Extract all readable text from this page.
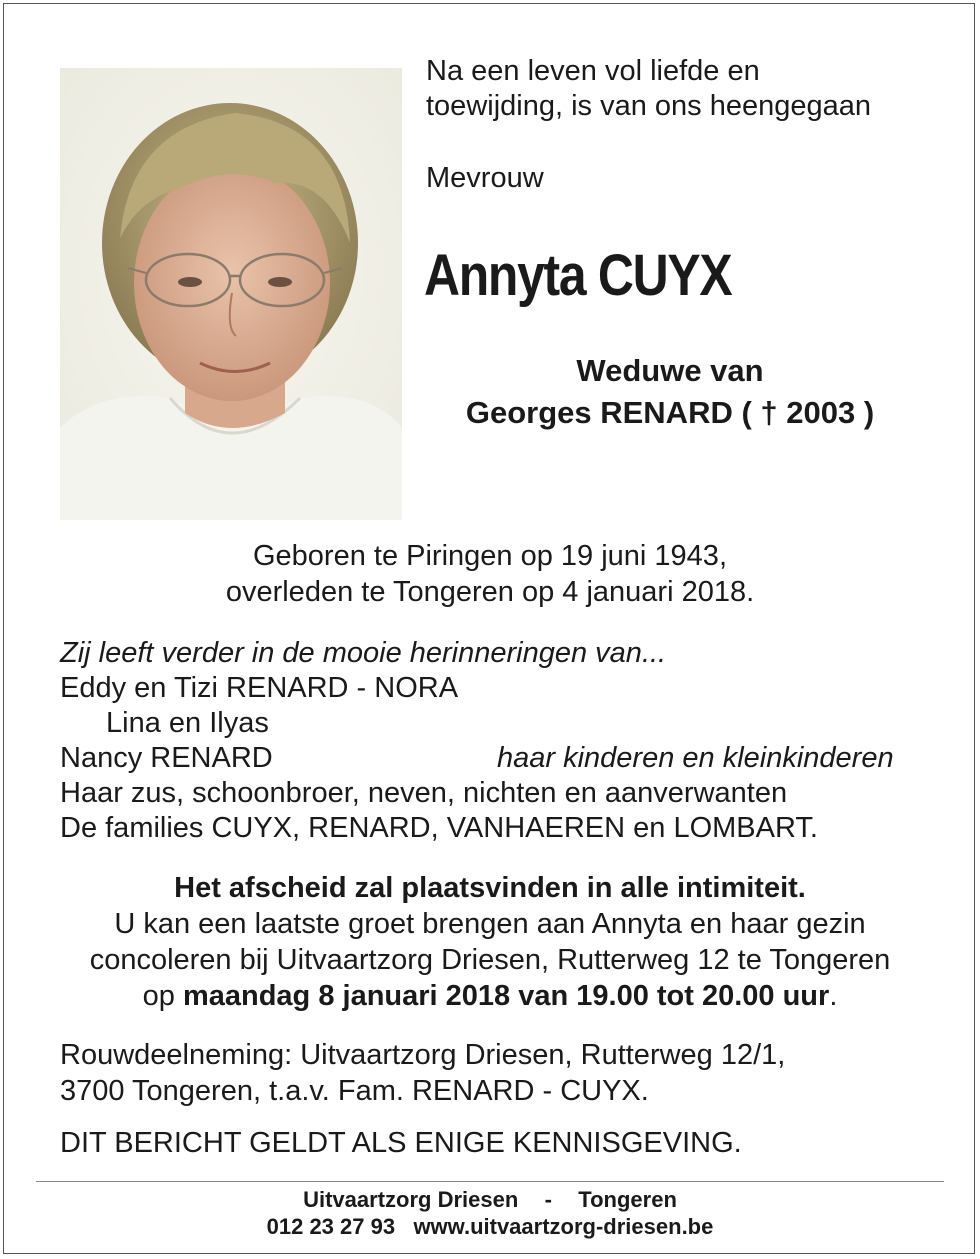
Na een leven vol liefde en
toewijding, is van ons heengegaan
Mevrouw
Annyta CUYX
Weduwe van
Georges RENARD ( † 2003 )
Geboren te Piringen op 19 juni 1943,
overleden te Tongeren op 4 januari 2018.
Zij leeft verder in de mooie herinneringen van...
Eddy en Tizi RENARD - NORA
Lina en Ilyas
Nancy RENARD	haar kinderen en kleinkinderen
Haar zus, schoonbroer, neven, nichten en aanverwanten
De families CUYX, RENARD, VANHAEREN en LOMBART.
Het afscheid zal plaatsvinden in alle intimiteit.
U kan een laatste groet brengen aan Annyta en haar gezin
concoleren bij Uitvaartzorg Driesen, Rutterweg 12 te Tongeren
op maandag 8 januari 2018 van 19.00 tot 20.00 uur.
Rouwdeelneming: Uitvaartzorg Driesen, Rutterweg 12/1,
3700 Tongeren, t.a.v. Fam. RENARD - CUYX.
DIT BERICHT GELDT ALS ENIGE KENNISGEVING.
Uitvaartzorg Driesen - Tongeren
012 23 27 93 www.uitvaartzorg-driesen.be
